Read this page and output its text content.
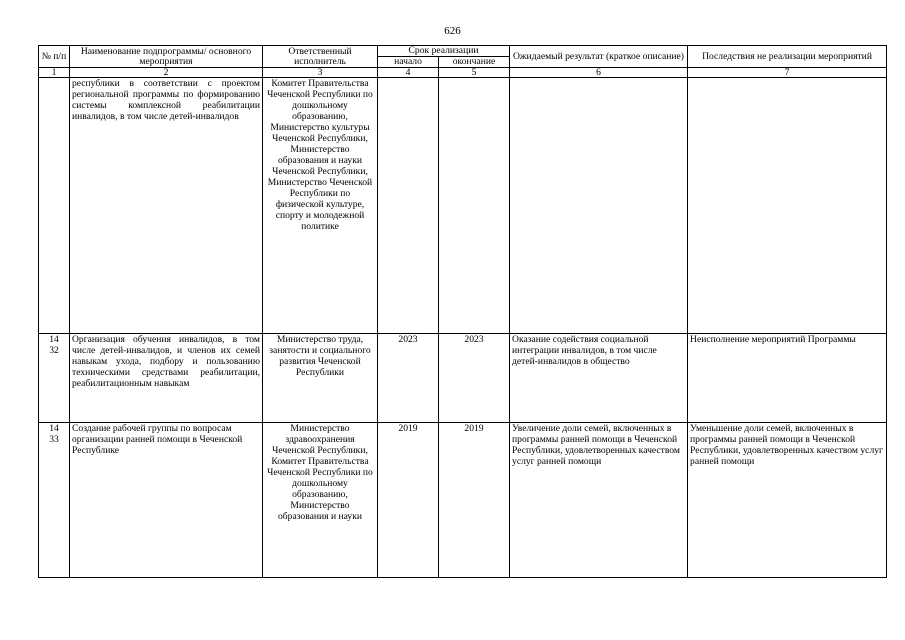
626
№ п/п	Наименование подпрограммы/ основного мероприятия	Ответственный исполнитель	Срок реализации		Ожидаемый результат (краткое описание)	Последствия не реализации мероприятий
			начало	окончание		
1	2	3	4	5	6	7

	республики в соответствии с проектом региональной программы по формированию системы комплексной реабилитации инвалидов, в том числе детей-инвалидов	Комитет Правительства Чеченской Республики по дошкольному образованию, Министерство культуры Чеченской Республики, Министерство образования и науки Чеченской Республики, Министерство Чеченской Республики по физической культуре, спорту и молодежной политике				

14
32	Организация обучения инвалидов, в том числе детей-инвалидов, и членов их семей навыкам ухода, подбору и пользованию техническими средствами реабилитации, реабилитационным навыкам	Министерство труда, занятости и социального развития Чеченской Республики	2023	2023	Оказание содействия социальной интеграции инвалидов, в том числе детей-инвалидов в общество	Неисполнение мероприятий Программы

14
33	Создание рабочей группы по вопросам организации ранней помощи в Чеченской Республике	Министерство здравоохранения Чеченской Республики, Комитет Правительства Чеченской Республики по дошкольному образованию, Министерство образования и науки	2019	2019	Увеличение доли семей, включенных в программы ранней помощи в Чеченской Республики, удовлетворенных качеством услуг ранней помощи	Уменьшение доли семей, включенных в программы ранней помощи в Чеченской Республики, удовлетворенных качеством услуг ранней помощи
